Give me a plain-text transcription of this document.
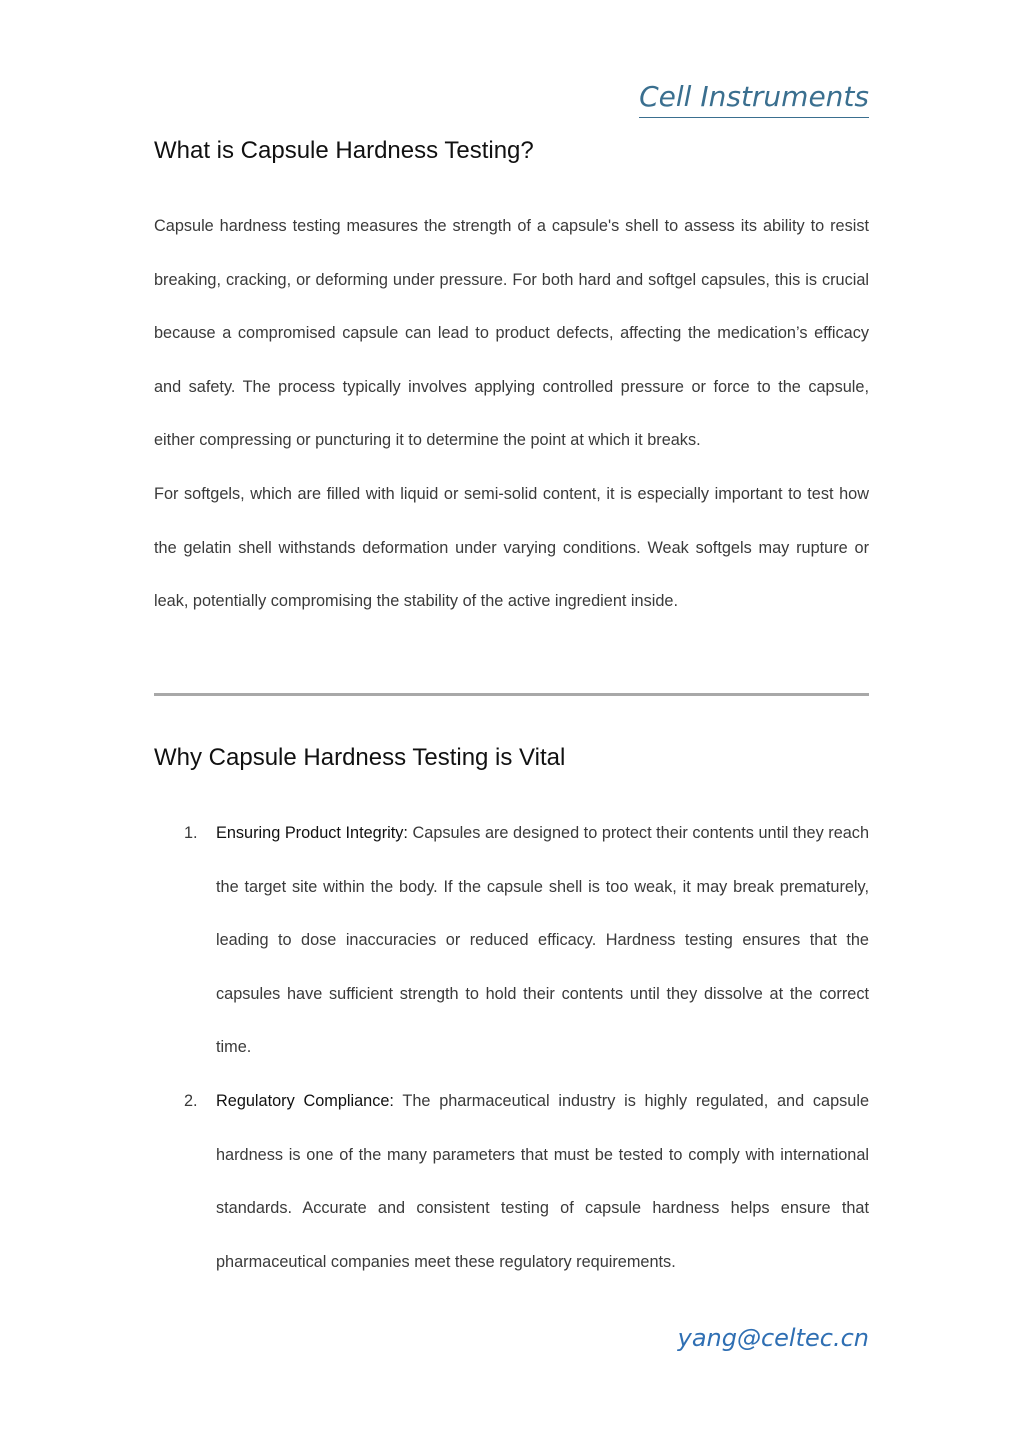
Cell Instruments
What is Capsule Hardness Testing?

Capsule hardness testing measures the strength of a capsule's shell to assess its ability to resist breaking, cracking, or deforming under pressure. For both hard and softgel capsules, this is crucial because a compromised capsule can lead to product defects, affecting the medication’s efficacy and safety. The process typically involves applying controlled pressure or force to the capsule, either compressing or puncturing it to determine the point at which it breaks.

For softgels, which are filled with liquid or semi-solid content, it is especially important to test how the gelatin shell withstands deformation under varying conditions. Weak softgels may rupture or leak, potentially compromising the stability of the active ingredient inside.

Why Capsule Hardness Testing is Vital
1. Ensuring Product Integrity: Capsules are designed to protect their contents until they reach the target site within the body. If the capsule shell is too weak, it may break prematurely, leading to dose inaccuracies or reduced efficacy. Hardness testing ensures that the capsules have sufficient strength to hold their contents until they dissolve at the correct time.

2. Regulatory Compliance: The pharmaceutical industry is highly regulated, and capsule hardness is one of the many parameters that must be tested to comply with international standards. Accurate and consistent testing of capsule hardness helps ensure that pharmaceutical companies meet these regulatory requirements.

yang@celtec.cn
